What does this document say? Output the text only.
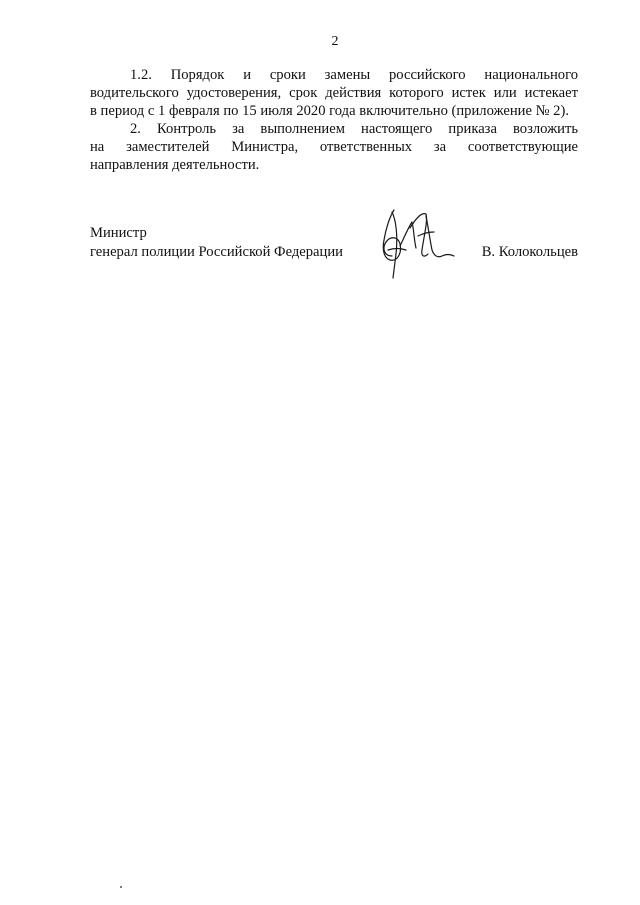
2
1.2. Порядок и сроки замены российского национального
водительского удостоверения, срок действия которого истек или истекает
в период с 1 февраля по 15 июля 2020 года включительно (приложение № 2).
2. Контроль за выполнением настоящего приказа возложить
на заместителей Министра, ответственных за соответствующие
направления деятельности.
Министр
генерал полиции Российской Федерации	В. Колокольцев
